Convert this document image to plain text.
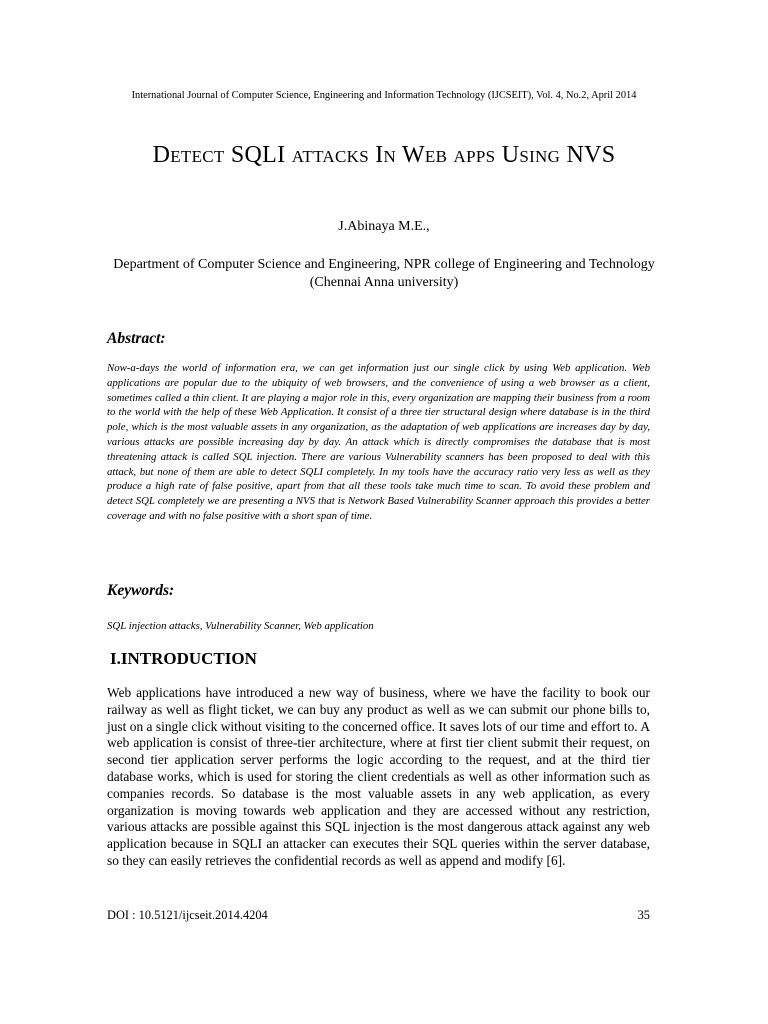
International Journal of Computer Science, Engineering and Information Technology (IJCSEIT), Vol. 4, No.2, April 2014
Detect SQLI attacks In Web apps Using NVS
J.Abinaya M.E.,
Department of Computer Science and Engineering, NPR college of Engineering and Technology (Chennai Anna university)
Abstract:
Now-a-days the world of information era, we can get information just our single click by using Web application. Web applications are popular due to the ubiquity of web browsers, and the convenience of using a web browser as a client, sometimes called a thin client. It are playing a major role in this, every organization are mapping their business from a room to the world with the help of these Web Application. It consist of a three tier structural design where database is in the third pole, which is the most valuable assets in any organization, as the adaptation of web applications are increases day by day, various attacks are possible increasing day by day. An attack which is directly compromises the database that is most threatening attack is called SQL injection. There are various Vulnerability scanners has been proposed to deal with this attack, but none of them are able to detect SQLI completely. In my tools have the accuracy ratio very less as well as they produce a high rate of false positive, apart from that all these tools take much time to scan. To avoid these problem and detect SQL completely we are presenting a NVS that is Network Based Vulnerability Scanner approach this provides a better coverage and with no false positive with a short span of time.
Keywords:
SQL injection attacks, Vulnerability Scanner, Web application
I.INTRODUCTION
Web applications have introduced a new way of business, where we have the facility to book our railway as well as flight ticket, we can buy any product as well as we can submit our phone bills to, just on a single click without visiting to the concerned office. It saves lots of our time and effort to. A web application is consist of three-tier architecture, where at first tier client submit their request, on second tier application server performs the logic according to the request, and at the third tier database works, which is used for storing the client credentials as well as other information such as companies records. So database is the most valuable assets in any web application, as every organization is moving towards web application and they are accessed without any restriction, various attacks are possible against this SQL injection is the most dangerous attack against any web application because in SQLI an attacker can executes their SQL queries within the server database, so they can easily retrieves the confidential records as well as append and modify [6].
DOI : 10.5121/ijcseit.2014.4204	35
